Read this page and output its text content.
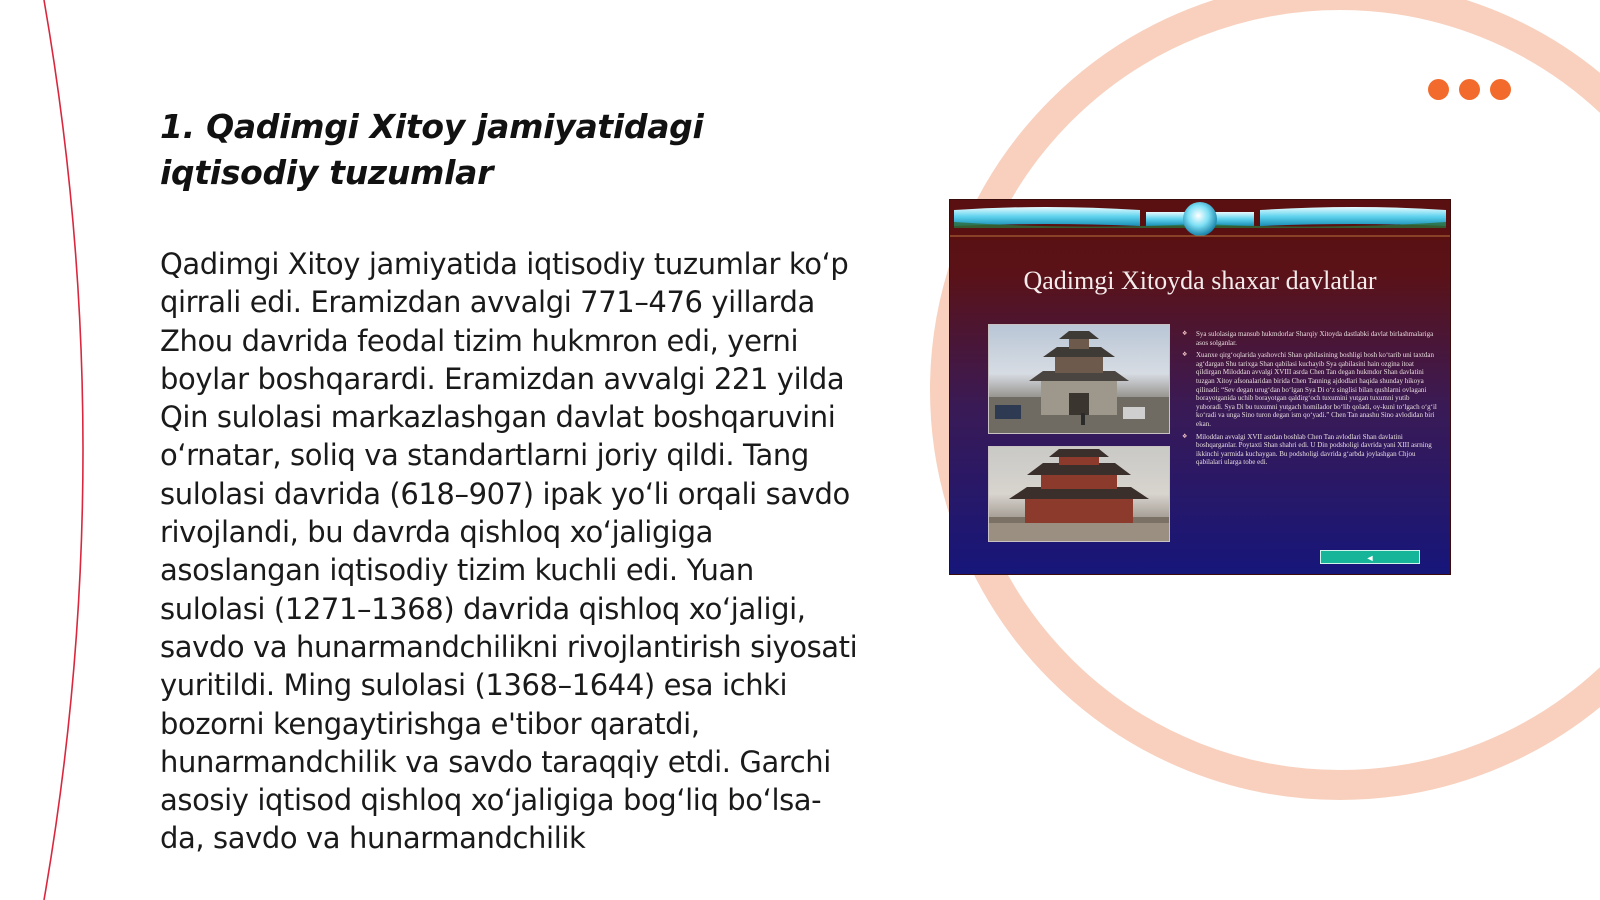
1. Qadimgi Xitoy jamiyatidagi iqtisodiy tuzumlar

Qadimgi Xitoy jamiyatida iqtisodiy tuzumlar ko‘p qirrali edi. Eramizdan avvalgi 771–476 yillarda Zhou davrida feodal tizim hukmron edi, yerni boylar boshqarardi. Eramizdan avvalgi 221 yilda Qin sulolasi markazlashgan davlat boshqaruvini o‘rnatar, soliq va standartlarni joriy qildi. Tang sulolasi davrida (618–907) ipak yo‘li orqali savdo rivojlandi, bu davrda qishloq xo‘jaligiga asoslangan iqtisodiy tizim kuchli edi. Yuan sulolasi (1271–1368) davrida qishloq xo‘jaligi, savdo va hunarmandchilikni rivojlantirish siyosati yuritildi. Ming sulolasi (1368–1644) esa ichki bozorni kengaytirishga e'tibor qaratdi, hunarmandchilik va savdo taraqqiy etdi. Garchi asosiy iqtisod qishloq xo‘jaligiga bog‘liq bo‘lsa-da, savdo va hunarmandchilik

Qadimgi Xitoyda shaxar davlatlar
❖ Sya sulolasiga mansub hukmdorlar Sharqiy Xitoyda dastlabki davlat birlashmalariga asos solganlar.
❖ Xuanxe qirg‘oqlarida yashovchi Shan qabilasining boshligi bosh ko‘tarib uni taxtdan ag‘dargan Shu tarixga Shan qabilasi kuchayib Sya qabilasini hain ozgina itoat qildirgan Miloddan avvalgi XVIII asrda Chen Tan degan hukmdor Shan davlatini tuzgan Xitoy afsonalaridan birida Chen Tanning ajdodlari haqida shunday hikoya qilinadi: “Sev degan urug‘dan bo‘lgan Sya Di o‘z singlisi bilan qushlarni ovlagani borayotganida uchib borayotgan qaldirg‘och tuxumini yutgan tuxumni yutib yuboradi. Sya Di bu tuxumni yutgach homilador bo‘lib qoladi, oy-kuni to‘lgach o‘g‘il ko‘radi va unga Sino turon degan ism qo‘yadi.” Chen Tan anashu Sino avlodidan biri ekan.
❖ Miloddan avvalgi XVII asrdan boshlab Chen Tan avlodlari Shan davlatini boshqarganlar. Poytaxti Shan shahri edi. U Din podsholigi davrida yani XIII asrning ikkinchi yarmida kuchaygan. Bu podsholigi davrida g‘arbda joylashgan Chjou qabilalari ularga tobe edi.
◄
